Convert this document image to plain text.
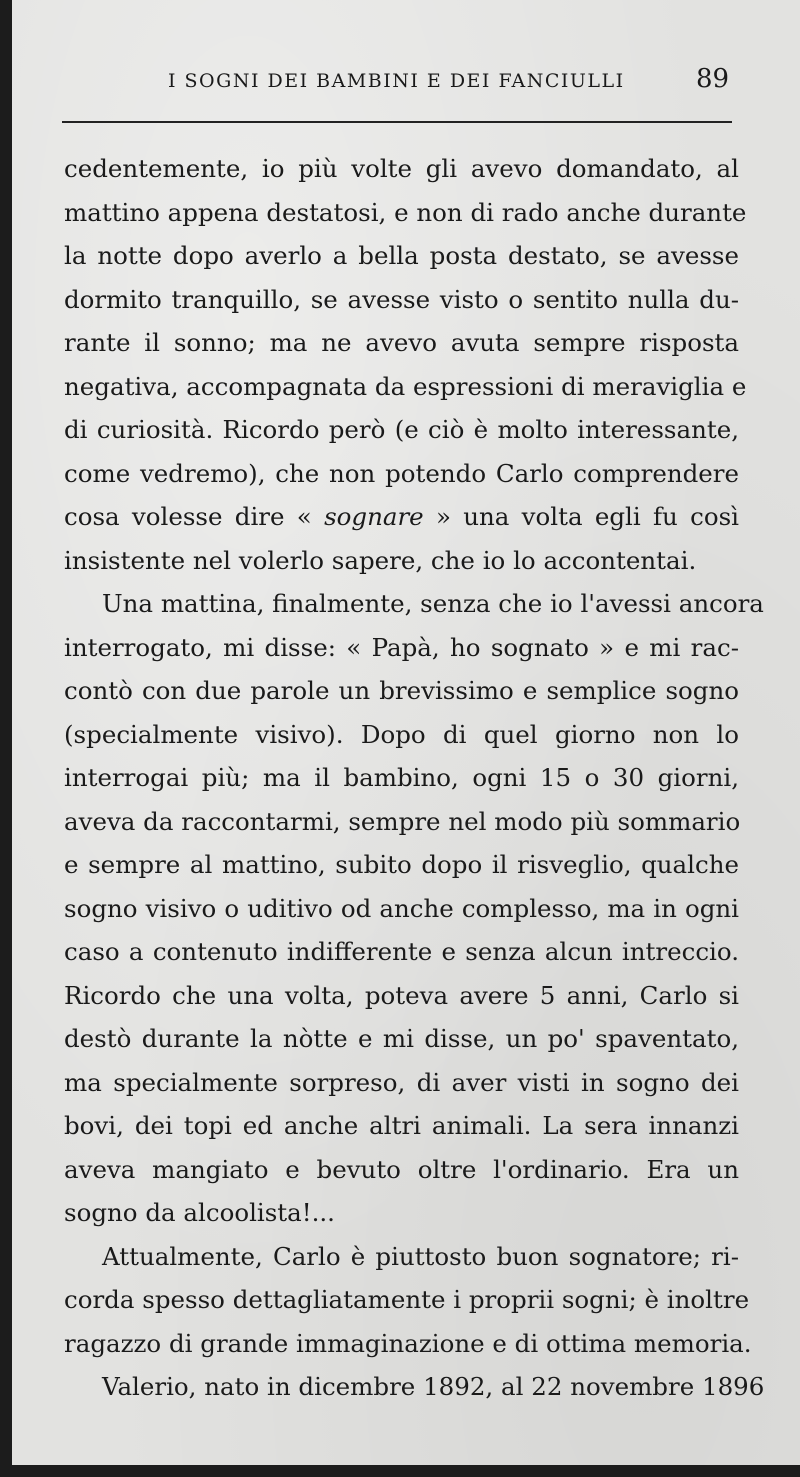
I SOGNI DEI BAMBINI E DEI FANCIULLI	89
cedentemente, io più volte gli avevo domandato, al
mattino appena destatosi, e non di rado anche durante
la notte dopo averlo a bella posta destato, se avesse
dormito tranquillo, se avesse visto o sentito nulla du-
rante il sonno; ma ne avevo avuta sempre risposta
negativa, accompagnata da espressioni di meraviglia e
di curiosità. Ricordo però (e ciò è molto interessante,
come vedremo), che non potendo Carlo comprendere
cosa volesse dire « sognare » una volta egli fu così
insistente nel volerlo sapere, che io lo accontentai.
Una mattina, finalmente, senza che io l'avessi ancora
interrogato, mi disse: « Papà, ho sognato » e mi rac-
contò con due parole un brevissimo e semplice sogno
(specialmente visivo). Dopo di quel giorno non lo
interrogai più; ma il bambino, ogni 15 o 30 giorni,
aveva da raccontarmi, sempre nel modo più sommario
e sempre al mattino, subito dopo il risveglio, qualche
sogno visivo o uditivo od anche complesso, ma in ogni
caso a contenuto indifferente e senza alcun intreccio.
Ricordo che una volta, poteva avere 5 anni, Carlo si
destò durante la nòtte e mi disse, un po' spaventato,
ma specialmente sorpreso, di aver visti in sogno dei
bovi, dei topi ed anche altri animali. La sera innanzi
aveva mangiato e bevuto oltre l'ordinario. Era un
sogno da alcoolista!...
Attualmente, Carlo è piuttosto buon sognatore; ri-
corda spesso dettagliatamente i proprii sogni; è inoltre
ragazzo di grande immaginazione e di ottima memoria.
Valerio, nato in dicembre 1892, al 22 novembre 1896
